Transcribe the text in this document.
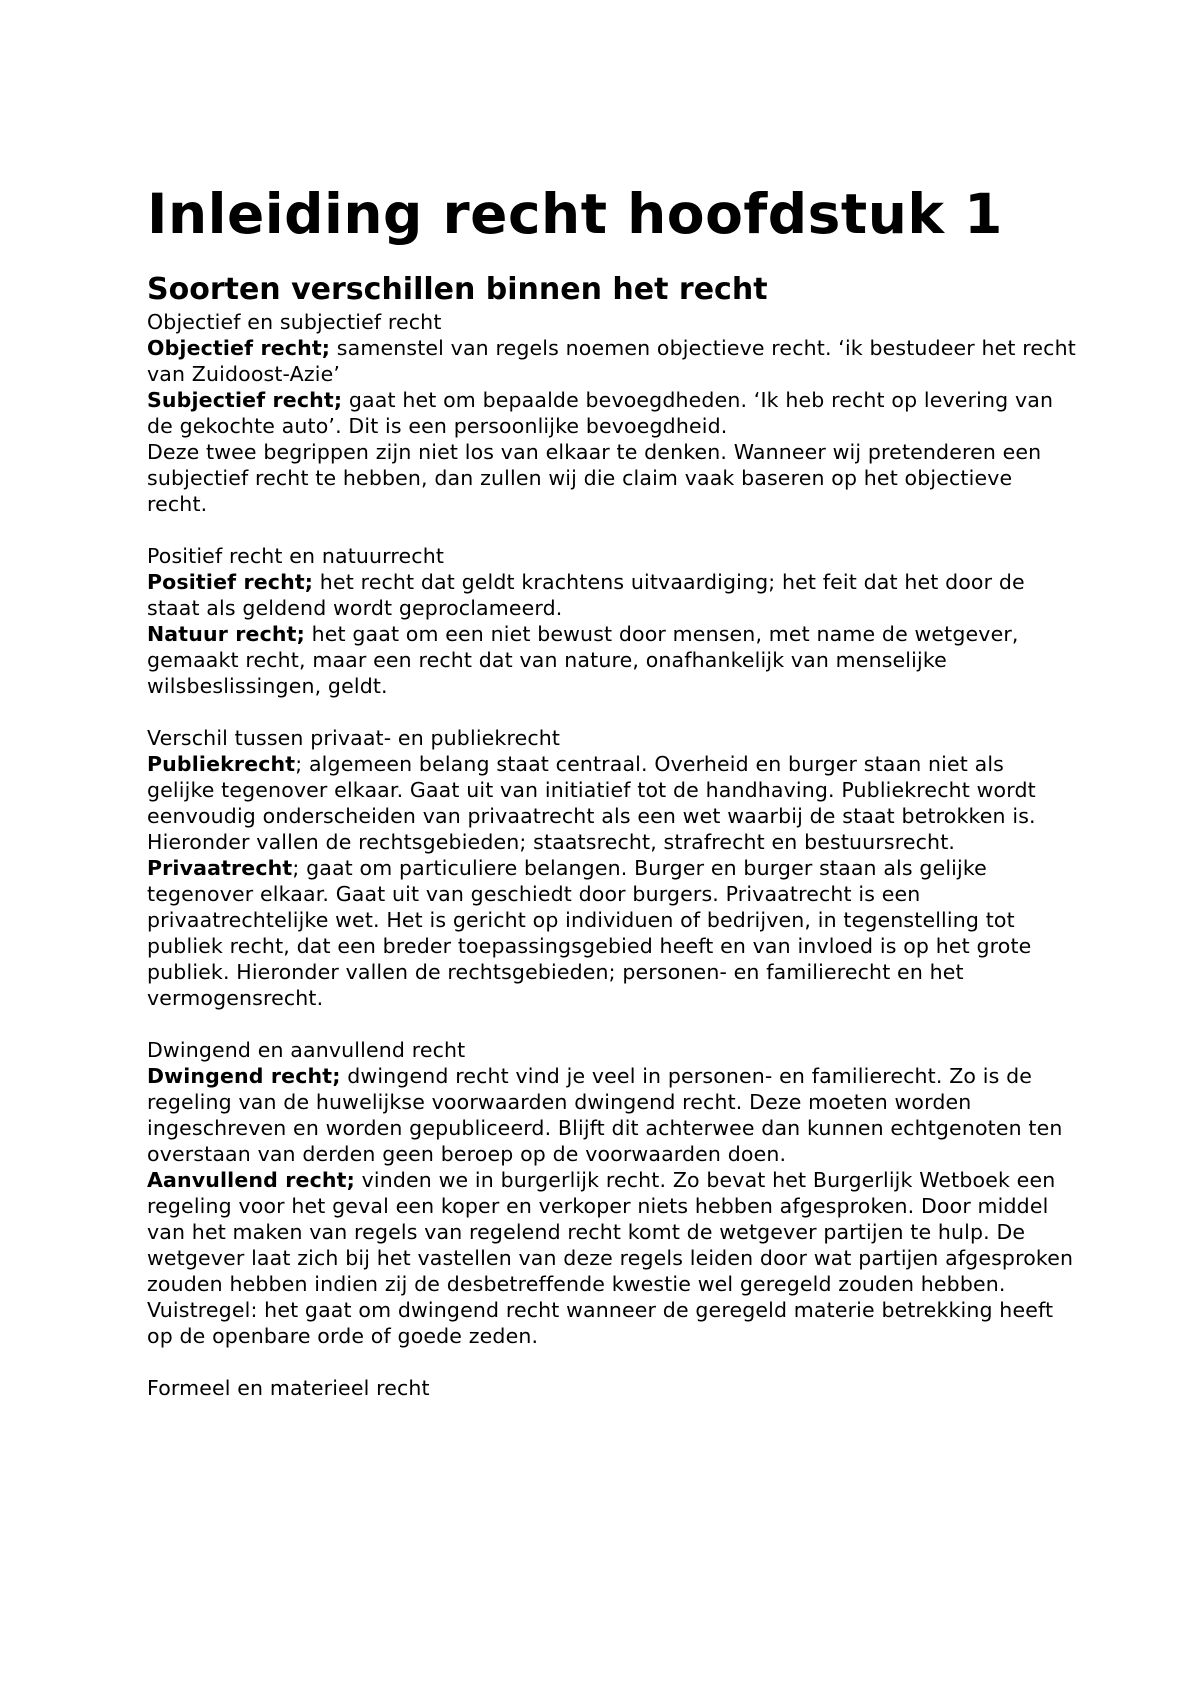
Inleiding recht hoofdstuk 1
Soorten verschillen binnen het recht

Objectief en subjectief recht

Objectief recht; samenstel van regels noemen objectieve recht. ‘ik bestudeer het recht van Zuidoost-Azie’

Subjectief recht; gaat het om bepaalde bevoegdheden. ‘Ik heb recht op levering van de gekochte auto’. Dit is een persoonlijke bevoegdheid.

Deze twee begrippen zijn niet los van elkaar te denken. Wanneer wij pretenderen een subjectief recht te hebben, dan zullen wij die claim vaak baseren op het objectieve recht.

Positief recht en natuurrecht

Positief recht; het recht dat geldt krachtens uitvaardiging; het feit dat het door de staat als geldend wordt geproclameerd.

Natuur recht; het gaat om een niet bewust door mensen, met name de wetgever, gemaakt recht, maar een recht dat van nature, onafhankelijk van menselijke wilsbeslissingen, geldt.

Verschil tussen privaat- en publiekrecht

Publiekrecht; algemeen belang staat centraal. Overheid en burger staan niet als gelijke tegenover elkaar. Gaat uit van initiatief tot de handhaving. Publiekrecht wordt eenvoudig onderscheiden van privaatrecht als een wet waarbij de staat betrokken is. Hieronder vallen de rechtsgebieden; staatsrecht, strafrecht en bestuursrecht.

Privaatrecht; gaat om particuliere belangen. Burger en burger staan als gelijke tegenover elkaar. Gaat uit van geschiedt door burgers. Privaatrecht is een privaatrechtelijke wet. Het is gericht op individuen of bedrijven, in tegenstelling tot publiek recht, dat een breder toepassingsgebied heeft en van invloed is op het grote publiek. Hieronder vallen de rechtsgebieden; personen- en familierecht en het vermogensrecht.

Dwingend en aanvullend recht

Dwingend recht; dwingend recht vind je veel in personen- en familierecht. Zo is de regeling van de huwelijkse voorwaarden dwingend recht. Deze moeten worden ingeschreven en worden gepubliceerd. Blijft dit achterwee dan kunnen echtgenoten ten overstaan van derden geen beroep op de voorwaarden doen.

Aanvullend recht; vinden we in burgerlijk recht. Zo bevat het Burgerlijk Wetboek een regeling voor het geval een koper en verkoper niets hebben afgesproken. Door middel van het maken van regels van regelend recht komt de wetgever partijen te hulp. De wetgever laat zich bij het vastellen van deze regels leiden door wat partijen afgesproken zouden hebben indien zij de desbetreffende kwestie wel geregeld zouden hebben.

Vuistregel: het gaat om dwingend recht wanneer de geregeld materie betrekking heeft op de openbare orde of goede zeden.

Formeel en materieel recht
